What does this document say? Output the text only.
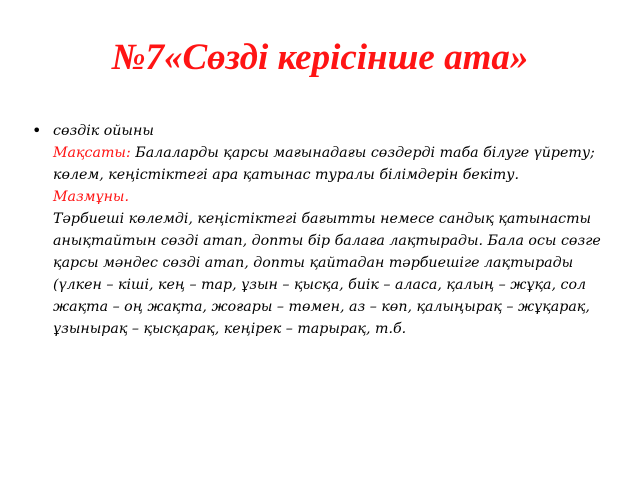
№7«Сөзді керісінше ата»
• сөздік ойыны
Мақсаты: Балаларды қарсы мағынадағы сөздерді таба білуге үйрету; көлем, кеңістіктегі ара қатынас туралы білімдерін бекіту.
Мазмұны.
Тәрбиеші көлемді, кеңістіктегі бағытты немесе сандық қатынасты анықтайтын сөзді атап, допты бір балаға лақтырады. Бала осы сөзге қарсы мәндес сөзді атап, допты қайтадан тәрбиешіге лақтырады (үлкен – кіші, кең – тар, ұзын – қысқа, биік – аласа, қалың – жұқа, сол жақта – оң жақта, жоғары – төмен, аз – көп, қалыңырақ – жұқарақ, ұзынырақ – қысқарақ, кеңірек – тарырақ, т.б.
